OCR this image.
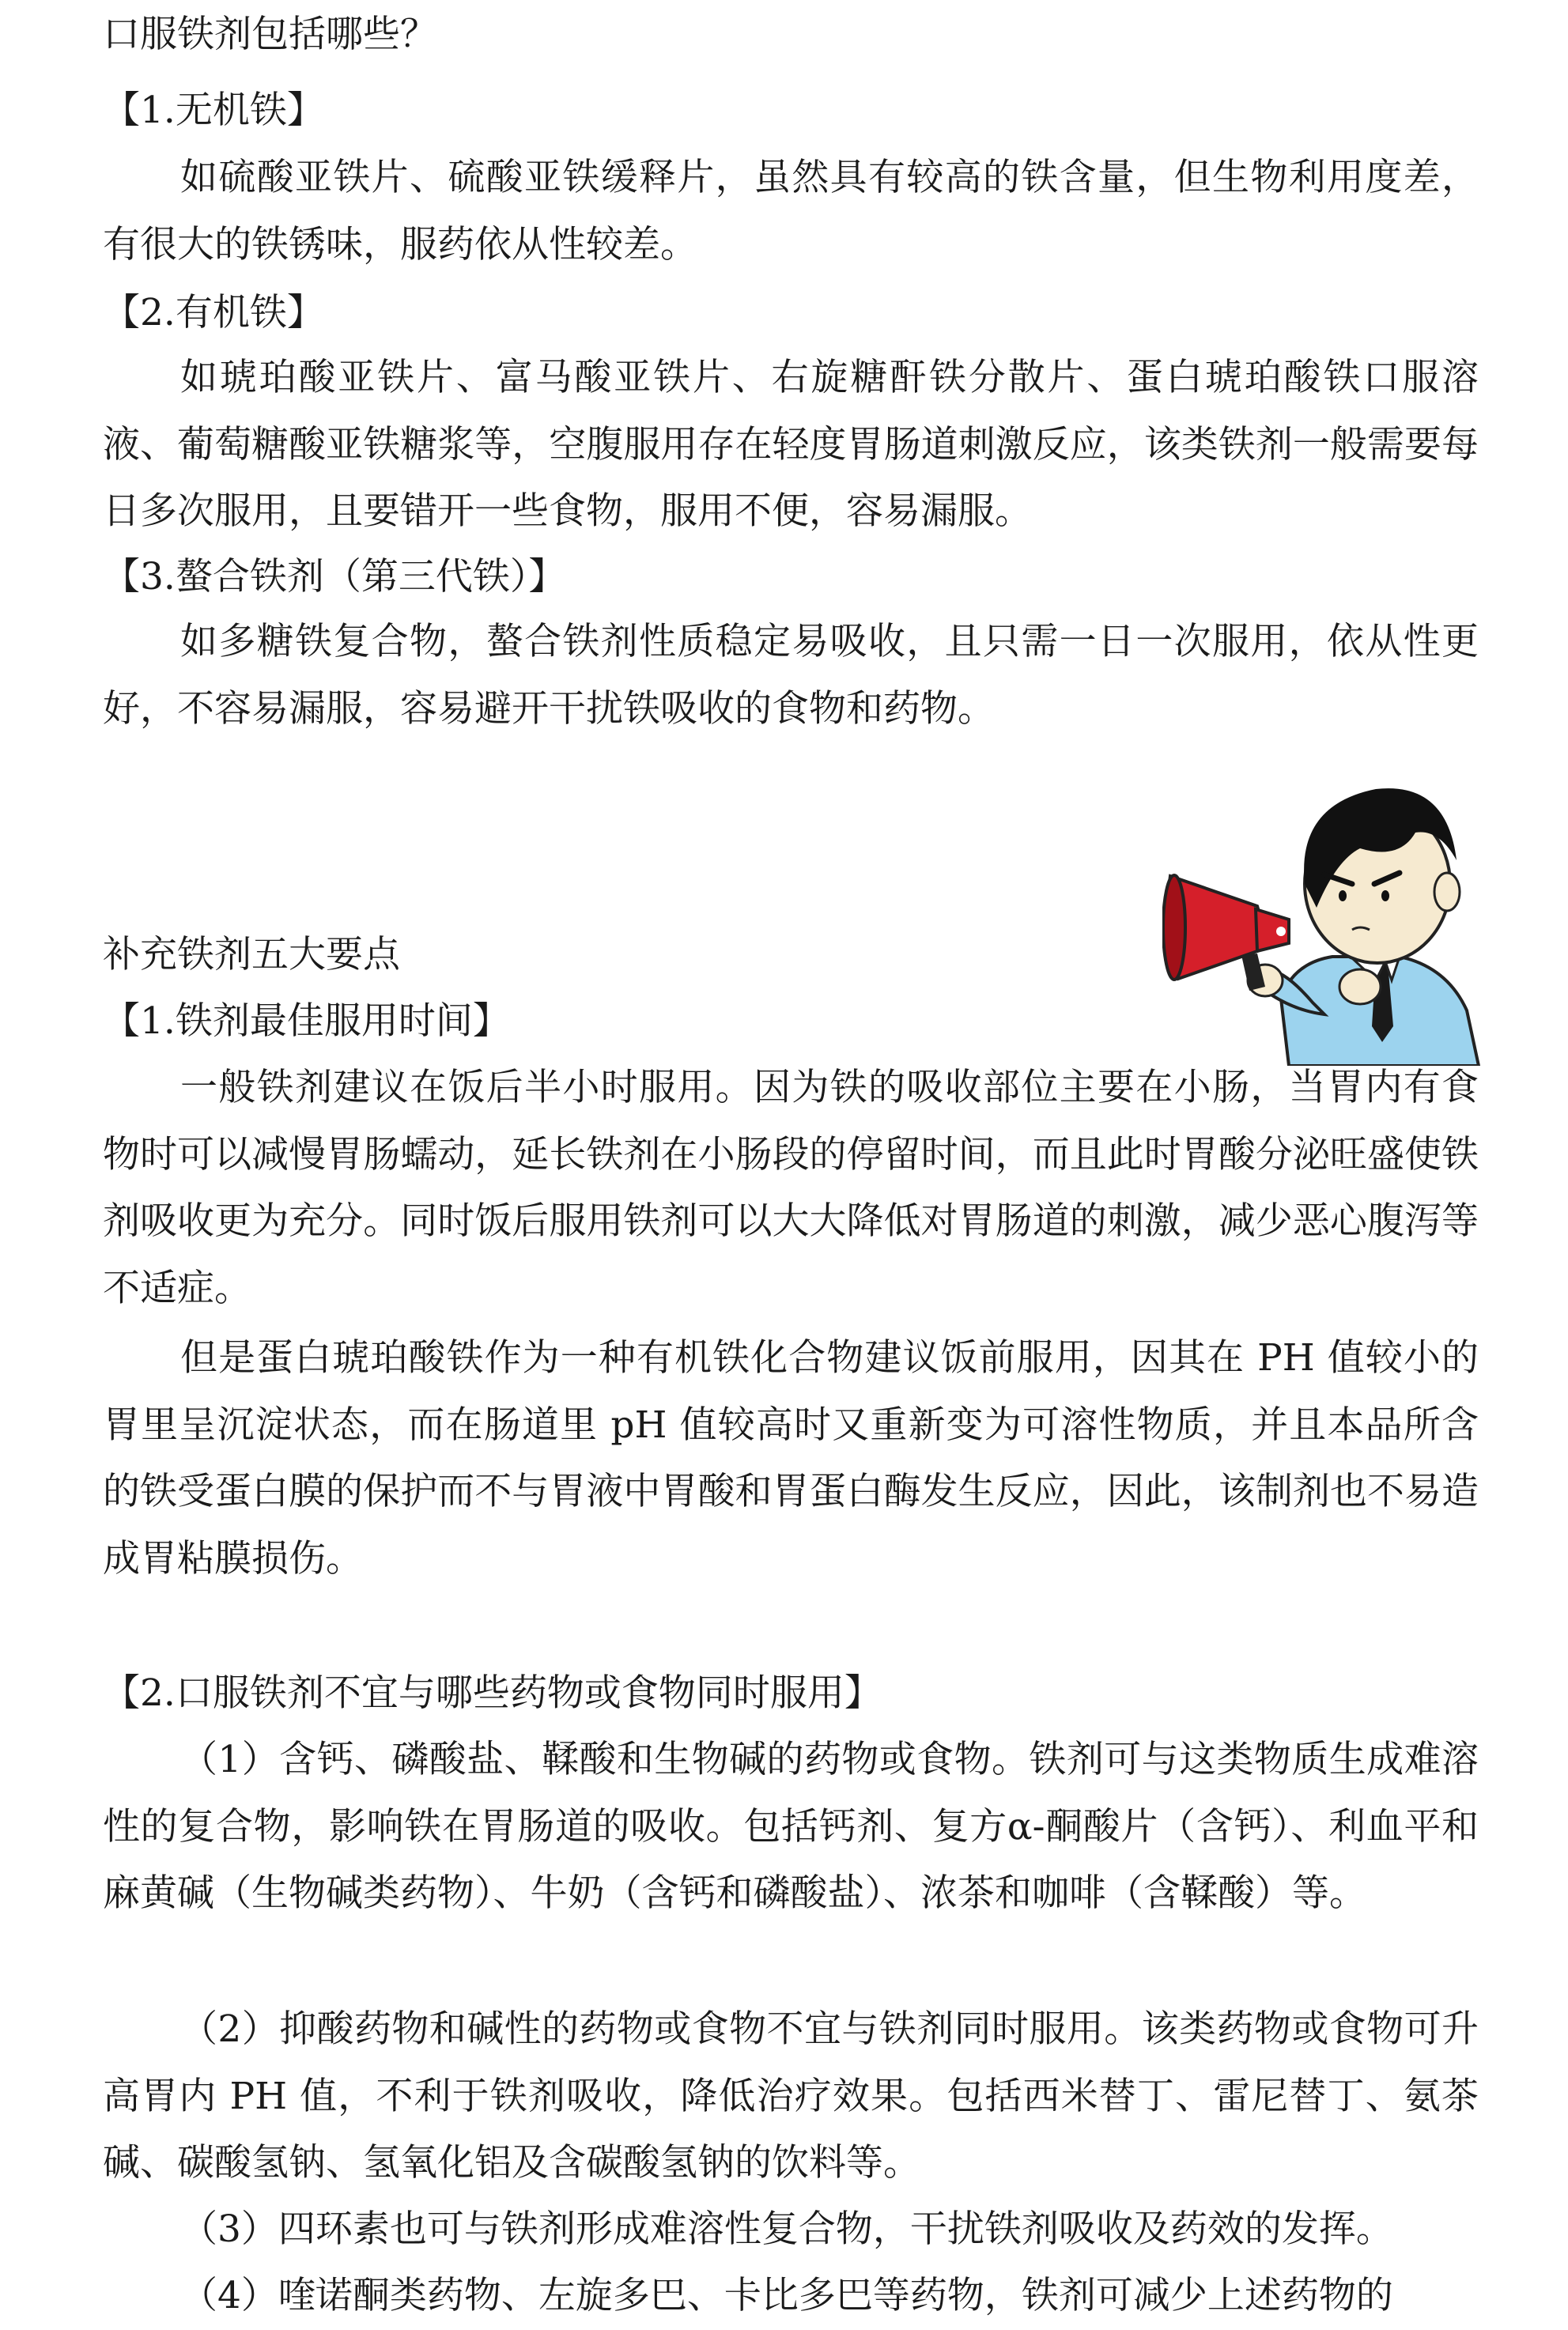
口服铁剂包括哪些？
【1.无机铁】

如硫酸亚铁片、硫酸亚铁缓释片，虽然具有较高的铁含量，但生物利用度差，有很大的铁锈味，服药依从性较差。

【2.有机铁】

如琥珀酸亚铁片、富马酸亚铁片、右旋糖酐铁分散片、蛋白琥珀酸铁口服溶液、葡萄糖酸亚铁糖浆等，空腹服用存在轻度胃肠道刺激反应，该类铁剂一般需要每日多次服用，且要错开一些食物，服用不便，容易漏服。

【3.螯合铁剂（第三代铁）】

如多糖铁复合物，螯合铁剂性质稳定易吸收，且只需一日一次服用，依从性更好，不容易漏服，容易避开干扰铁吸收的食物和药物。

补充铁剂五大要点
【1.铁剂最佳服用时间】

一般铁剂建议在饭后半小时服用。因为铁的吸收部位主要在小肠，当胃内有食物时可以减慢胃肠蠕动，延长铁剂在小肠段的停留时间，而且此时胃酸分泌旺盛使铁剂吸收更为充分。同时饭后服用铁剂可以大大降低对胃肠道的刺激，减少恶心腹泻等不适症。

但是蛋白琥珀酸铁作为一种有机铁化合物建议饭前服用，因其在 PH 值较小的胃里呈沉淀状态，而在肠道里 pH 值较高时又重新变为可溶性物质，并且本品所含的铁受蛋白膜的保护而不与胃液中胃酸和胃蛋白酶发生反应，因此，该制剂也不易造成胃粘膜损伤。

【2.口服铁剂不宜与哪些药物或食物同时服用】

（1）含钙、磷酸盐、鞣酸和生物碱的药物或食物。铁剂可与这类物质生成难溶性的复合物，影响铁在胃肠道的吸收。包括钙剂、复方α-酮酸片（含钙）、利血平和麻黄碱（生物碱类药物）、牛奶（含钙和磷酸盐）、浓茶和咖啡（含鞣酸）等。

（2）抑酸药物和碱性的药物或食物不宜与铁剂同时服用。该类药物或食物可升高胃内 PH 值，不利于铁剂吸收，降低治疗效果。包括西米替丁、雷尼替丁、氨茶碱、碳酸氢钠、氢氧化铝及含碳酸氢钠的饮料等。

（3）四环素也可与铁剂形成难溶性复合物，干扰铁剂吸收及药效的发挥。

（4）喹诺酮类药物、左旋多巴、卡比多巴等药物，铁剂可减少上述药物的
